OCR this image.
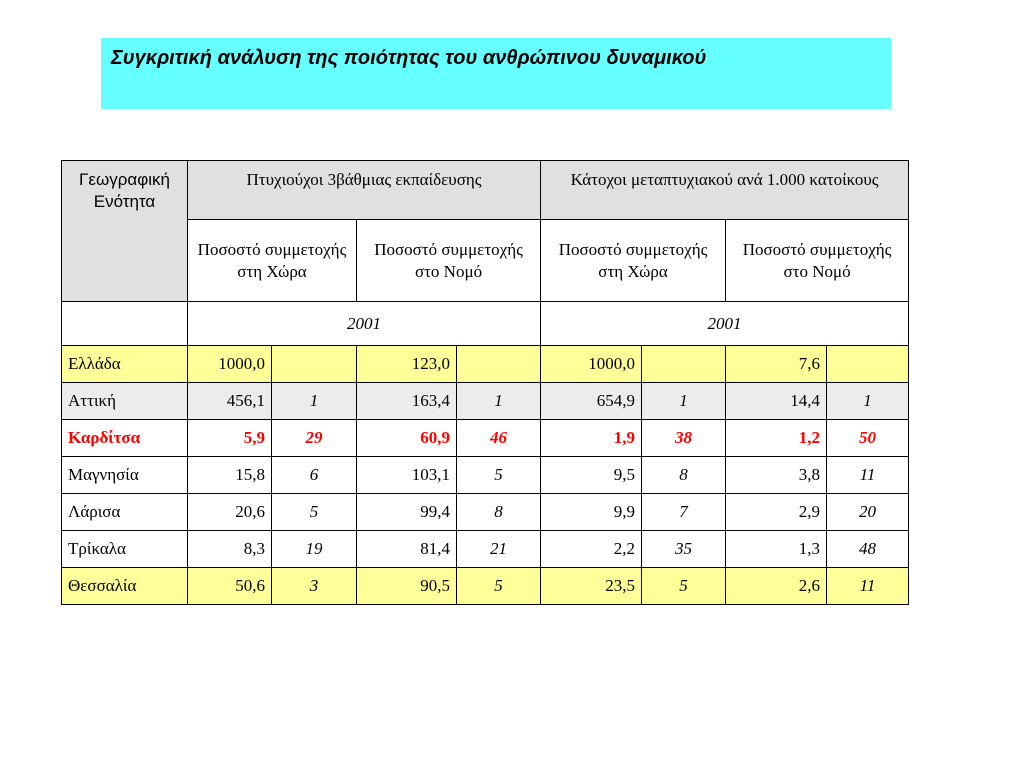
Συγκριτική ανάλυση της ποιότητας του ανθρώπινου δυναμικού
Γεωγραφική Ενότητα	Πτυχιούχοι 3βάθμιας εκπαίδευσης				Κάτοχοι μεταπτυχιακού ανά 1.000 κατοίκους			
	Ποσοστό συμμετοχής στη Χώρα		Ποσοστό συμμετοχής στο Νομό		Ποσοστό συμμετοχής στη Χώρα		Ποσοστό συμμετοχής στο Νομό	
	2001				2001			
Ελλάδα	1000,0		123,0		1000,0		7,6	
Αττική	456,1	1	163,4	1	654,9	1	14,4	1
Καρδίτσα	5,9	29	60,9	46	1,9	38	1,2	50
Μαγνησία	15,8	6	103,1	5	9,5	8	3,8	11
Λάρισα	20,6	5	99,4	8	9,9	7	2,9	20
Τρίκαλα	8,3	19	81,4	21	2,2	35	1,3	48
Θεσσαλία	50,6	3	90,5	5	23,5	5	2,6	11
